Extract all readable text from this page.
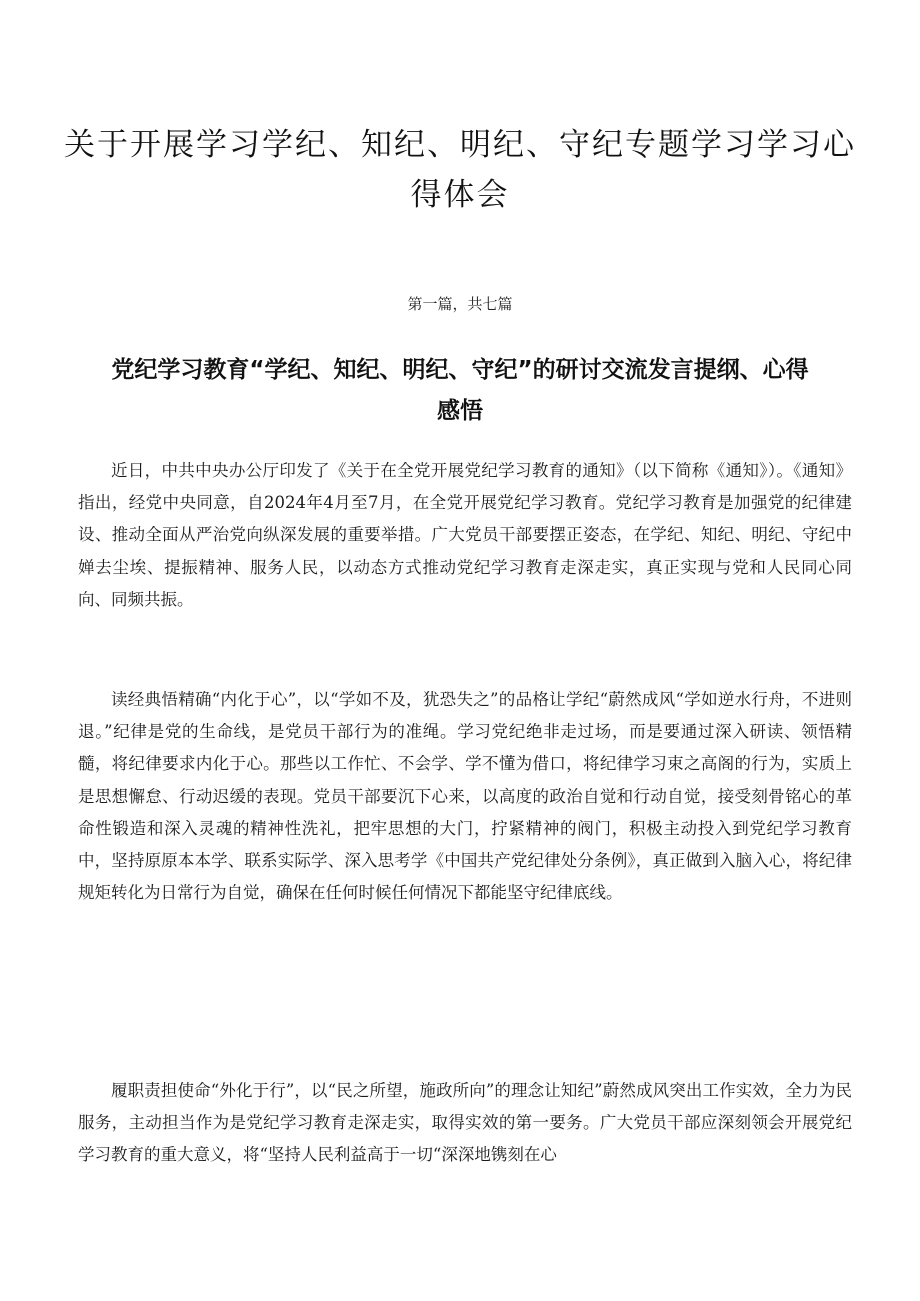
关于开展学习学纪、知纪、明纪、守纪专题学习学习心得体会
第一篇，共七篇
党纪学习教育“学纪、知纪、明纪、守纪”的研讨交流发言提纲、心得感悟

近日，中共中央办公厅印发了《关于在全党开展党纪学习教育的通知》（以下简称《通知》）。《通知》指出，经党中央同意，自2024年4月至7月，在全党开展党纪学习教育。党纪学习教育是加强党的纪律建设、推动全面从严治党向纵深发展的重要举措。广大党员干部要摆正姿态，在学纪、知纪、明纪、守纪中婵去尘埃、提振精神、服务人民，以动态方式推动党纪学习教育走深走实，真正实现与党和人民同心同向、同频共振。

读经典悟精确“内化于心”，以“学如不及，犹恐失之”的品格让学纪“蔚然成风“学如逆水行舟，不进则退。”纪律是党的生命线，是党员干部行为的准绳。学习党纪绝非走过场，而是要通过深入研读、领悟精髓，将纪律要求内化于心。那些以工作忙、不会学、学不懂为借口，将纪律学习束之高阁的行为，实质上是思想懈怠、行动迟缓的表现。党员干部要沉下心来，以高度的政治自觉和行动自觉，接受刻骨铭心的革命性锻造和深入灵魂的精神性洗礼，把牢思想的大门，拧紧精神的阀门，积极主动投入到党纪学习教育中，坚持原原本本学、联系实际学、深入思考学《中国共产党纪律处分条例》，真正做到入脑入心，将纪律规矩转化为日常行为自觉，确保在任何时候任何情况下都能坚守纪律底线。

履职责担使命“外化于行”，以“民之所望，施政所向”的理念让知纪”蔚然成风突出工作实效，全力为民服务，主动担当作为是党纪学习教育走深走实，取得实效的第一要务。广大党员干部应深刻领会开展党纪学习教育的重大意义，将“坚持人民利益高于一切“深深地镌刻在心
